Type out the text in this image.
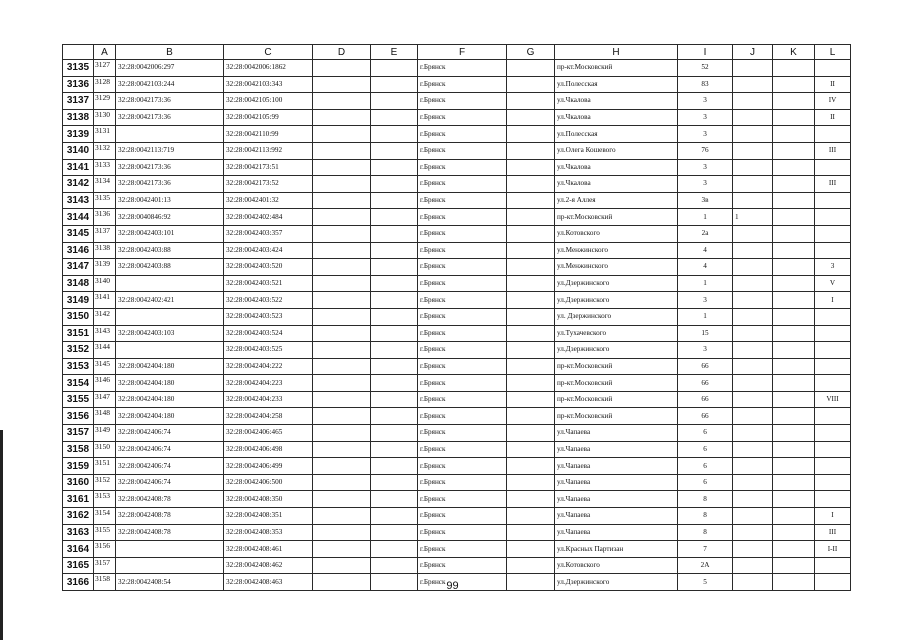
	A	B	C	D	E	F	G	H	I	J	K	L
3135	3127	32:28:0042006:297	32:28:0042006:1862			г.Брянск		пр-кт.Московский	52			
3136	3128	32:28:0042103:244	32:28:0042103:343			г.Брянск		ул.Полесская	83			II
3137	3129	32:28:0042173:36	32:28:0042105:100			г.Брянск		ул.Чкалова	3			IV
3138	3130	32:28:0042173:36	32:28:0042105:99			г.Брянск		ул.Чкалова	3			II
3139	3131		32:28:0042110:99			г.Брянск		ул.Полесская	3			
3140	3132	32:28:0042113:719	32:28:0042113:992			г.Брянск		ул.Олега Кошевого	76			III
3141	3133	32:28:0042173:36	32:28:0042173:51			г.Брянск		ул.Чкалова	3			
3142	3134	32:28:0042173:36	32:28:0042173:52			г.Брянск		ул.Чкалова	3			III
3143	3135	32:28:0042401:13	32:28:0042401:32			г.Брянск		ул.2-я Аллея	3в			
3144	3136	32:28:0040846:92	32:28:0042402:484			г.Брянск		пр-кт.Московский	1	1		
3145	3137	32:28:0042403:101	32:28:0042403:357			г.Брянск		ул.Котовского	2а			
3146	3138	32:28:0042403:88	32:28:0042403:424			г.Брянск		ул.Менжинского	4			
3147	3139	32:28:0042403:88	32:28:0042403:520			г.Брянск		ул.Менжинского	4			3
3148	3140		32:28:0042403:521			г.Брянск		ул.Дзержинского	1			V
3149	3141	32:28:0042402:421	32:28:0042403:522			г.Брянск		ул.Дзержинского	3			I
3150	3142		32:28:0042403:523			г.Брянск		ул. Дзержинского	1			
3151	3143	32:28:0042403:103	32:28:0042403:524			г.Брянск		ул.Тухачевского	15			
3152	3144		32:28:0042403:525			г.Брянск		ул.Дзержинского	3			
3153	3145	32:28:0042404:180	32:28:0042404:222			г.Брянск		пр-кт.Московский	66			
3154	3146	32:28:0042404:180	32:28:0042404:223			г.Брянск		пр-кт.Московский	66			
3155	3147	32:28:0042404:180	32:28:0042404:233			г.Брянск		пр-кт.Московский	66			VIII
3156	3148	32:28:0042404:180	32:28:0042404:258			г.Брянск		пр-кт.Московский	66			
3157	3149	32:28:0042406:74	32:28:0042406:465			г.Брянск		ул.Чапаева	6			
3158	3150	32:28:0042406:74	32:28:0042406:498			г.Брянск		ул.Чапаева	6			
3159	3151	32:28:0042406:74	32:28:0042406:499			г.Брянск		ул.Чапаева	6			
3160	3152	32:28:0042406:74	32:28:0042406:500			г.Брянск		ул.Чапаева	6			
3161	3153	32:28:0042408:78	32:28:0042408:350			г.Брянск		ул.Чапаева	8			
3162	3154	32:28:0042408:78	32:28:0042408:351			г.Брянск		ул.Чапаева	8			I
3163	3155	32:28:0042408:78	32:28:0042408:353			г.Брянск		ул.Чапаева	8			III
3164	3156		32:28:0042408:461			г.Брянск		ул.Красных Партизан	7			I-II
3165	3157		32:28:0042408:462			г.Брянск		ул.Котовского	2А			
3166	3158	32:28:0042408:54	32:28:0042408:463			г.Брянск		ул.Дзержинского	5			
99
